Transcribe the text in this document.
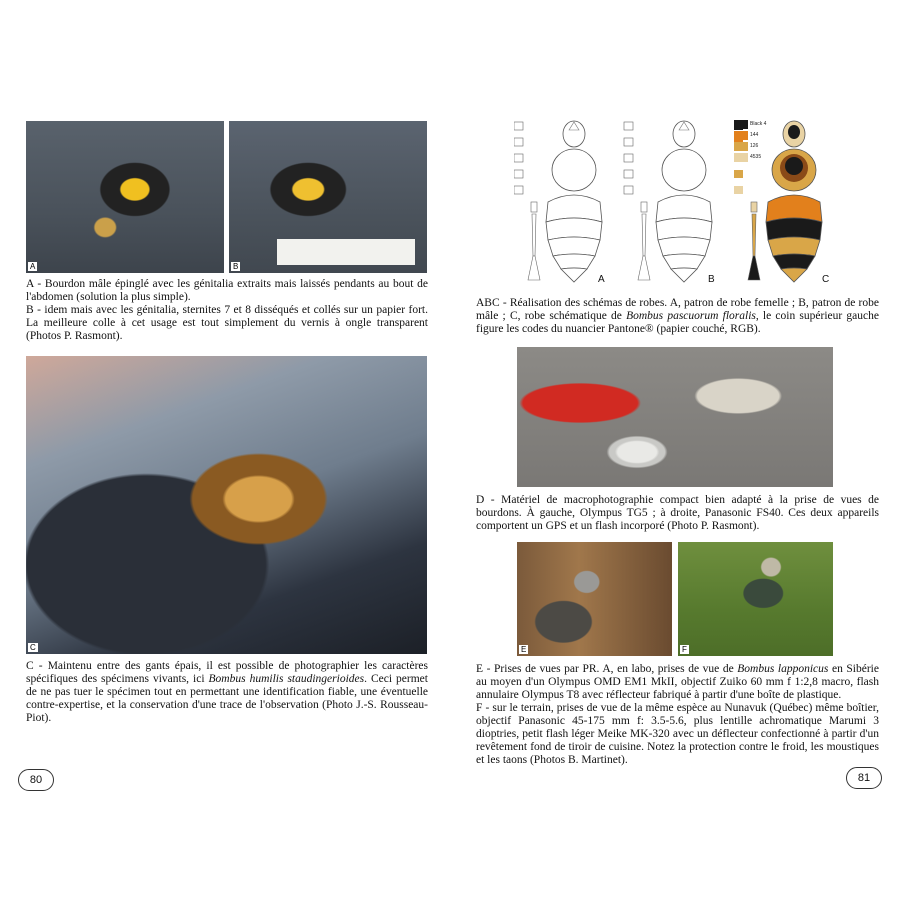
A	B

A - Bourdon mâle épinglé avec les génitalia extraits mais laissés pendants au bout de l'abdomen (solution la plus simple).

B - idem mais avec les génitalia, sternites 7 et 8 disséqués et collés sur un papier fort. La meilleure colle à cet usage est tout simplement du vernis à ongle transparent (Photos P. Rasmont).

C

C - Maintenu entre des gants épais, il est possible de photographier les caractères spécifiques des spécimens vivants, ici Bombus humilis staudingerioides. Ceci permet de ne pas tuer le spécimen tout en permettant une identification fiable, une éventuelle contre-expertise, et la conservation d'une trace de l'observation (Photo J.-S. Rousseau-Piot).

80
A	B	C
Black 4
144
126
4535

ABC - Réalisation des schémas de robes. A, patron de robe femelle ; B, patron de robe mâle ; C, robe schématique de Bombus pascuorum floralis, le coin supérieur gauche figure les codes du nuancier Pantone® (papier couché, RGB).

D - Matériel de macrophotographie compact bien adapté à la prise de vues de bourdons. À gauche, Olympus TG5 ; à droite, Panasonic FS40. Ces deux appareils comportent un GPS et un flash incorporé (Photo P. Rasmont).

E	F

E - Prises de vues par PR. A, en labo, prises de vue de Bombus lapponicus en Sibérie au moyen d'un Olympus OMD EM1 MkII, objectif Zuiko 60 mm f 1:2,8 macro, flash annulaire Olympus T8 avec réflecteur fabriqué à partir d'une boîte de plastique.

F - sur le terrain, prises de vue de la même espèce au Nunavuk (Québec) même boîtier, objectif Panasonic 45-175 mm f: 3.5-5.6, plus lentille achromatique Marumi 3 dioptries, petit flash léger Meike MK-320 avec un déflecteur confectionné à partir d'un revêtement fond de tiroir de cuisine. Notez la protection contre le froid, les moustiques et les taons (Photos B. Martinet).

81
